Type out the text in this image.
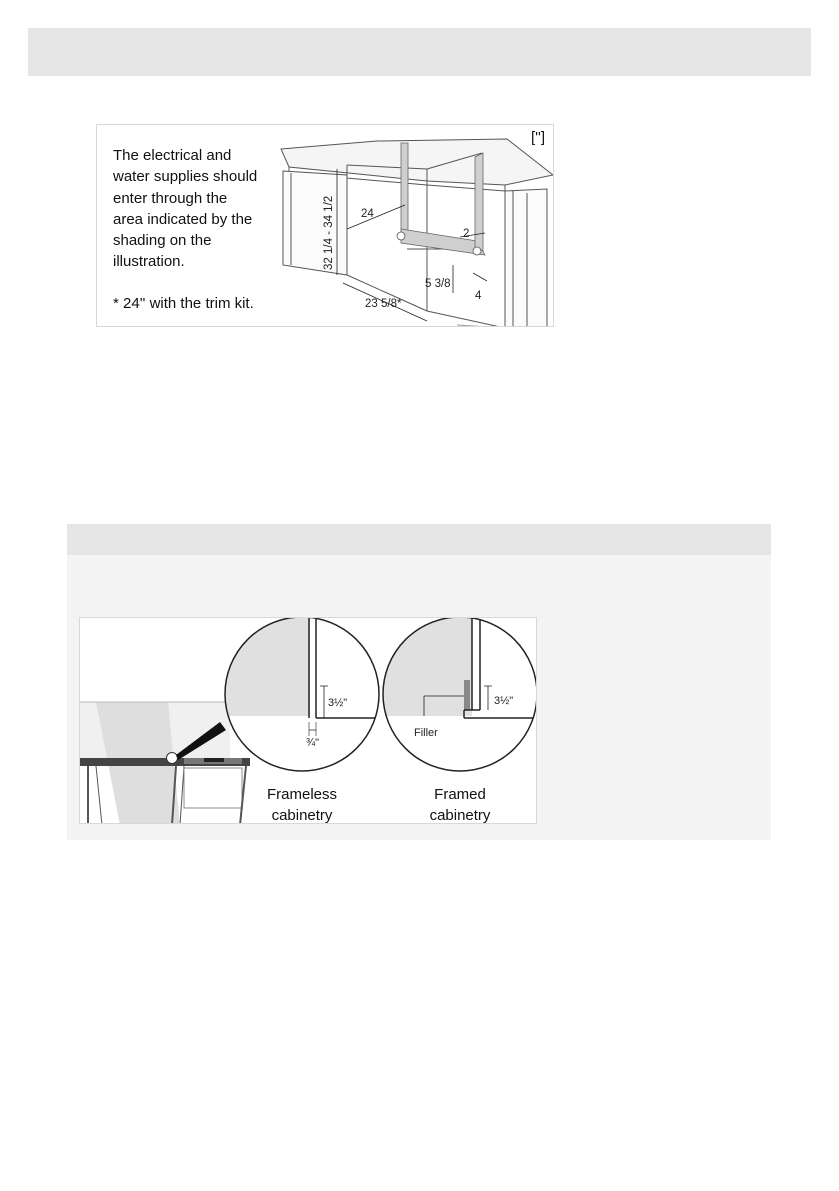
The electrical and
water supplies should
enter through the
area indicated by the
shading on the
illustration.
* 24'' with the trim kit.
['']
32 1/4 - 34 1/2 24
23 5/8*
2
5 3/8
4
3½"
¾"
3½"
Filler
Frameless
cabinetry
Framed
cabinetry
